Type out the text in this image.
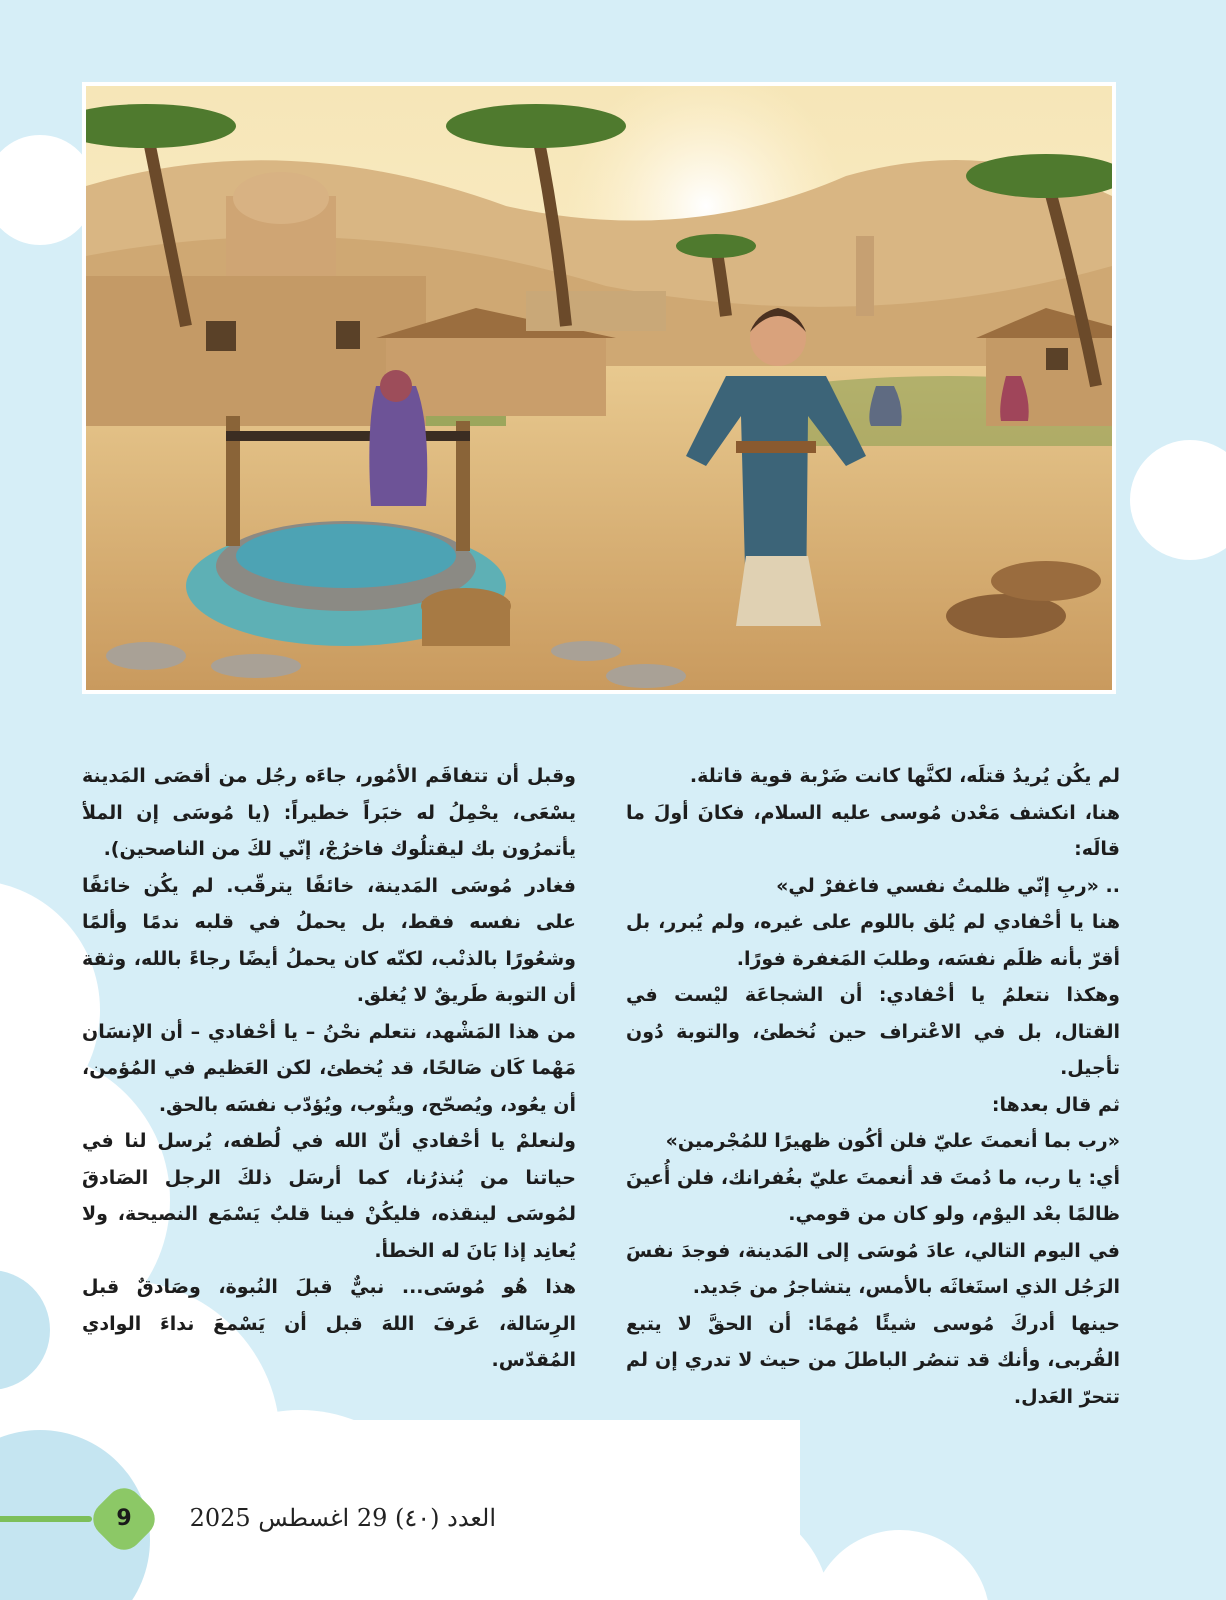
لم يكُن يُريدُ قتلَه، لكنَّها كانت ضَرْبة قوية قاتلة.

هنا، انكشف مَعْدن مُوسى عليه السلام، فكانَ أولَ ما قالَه:

.. «ربِ إنّي ظلمتُ نفسي فاغفرْ لي»

هنا يا أحْفادي لم يُلق باللوم على غيره، ولم يُبرر، بل أقرّ بأنه ظلَم نفسَه، وطلبَ المَغفرة فورًا.

وهكذا نتعلمُ يا أحْفادي: أن الشجاعَة ليْست في القتال، بل في الاعْتراف حين نُخطئ، والتوبة دُون تأجيل.

ثم قال بعدها:

«رب بما أنعمتَ عليّ فلن أكُون ظهيرًا للمُجْرمين»

أي: يا رب، ما دُمتَ قد أنعمتَ عليّ بغُفرانك، فلن أُعينَ ظالمًا بعْد اليوْم، ولو كان من قومي.

في اليوم التالي، عادَ مُوسَى إلى المَدينة، فوجدَ نفسَ الرَجُل الذي استَغاثَه بالأمس، يتشاجرُ من جَديد.

حينها أدركَ مُوسى شيئًا مُهمًا: أن الحقَّ لا يتبع القُربى، وأنك قد تنصُر الباطلَ من حيث لا تدري إن لم تتحرّ العَدل.

وقبل أن تتفاقَم الأمُور، جاءَه رجُل من أقصَى المَدينة يسْعَى، يحْمِلُ له خبَراً خطيراً: (يا مُوسَى إن الملأ يأتمرُون بك ليقتلُوك فاخرُجْ، إنّي لكَ من الناصحين).

فغادر مُوسَى المَدينة، خائفًا يترقّب. لم يكُن خائفًا على نفسه فقط، بل يحملُ في قلبه ندمًا وألمًا وشعُورًا بالذنْب، لكنّه كان يحملُ أيضًا رجاءً بالله، وثقة أن التوبة طَريقٌ لا يُغلق.

من هذا المَشْهد، نتعلم نحْنُ – يا أحْفادي – أن الإنسَان مَهْما كَان صَالحًا، قد يُخطئ، لكن العَظيم في المُؤمن، أن يعُود، ويُصحّح، ويتُوب، ويُؤدّب نفسَه بالحق.

ولنعلمْ يا أحْفادي أنّ الله في لُطفه، يُرسل لنا في حياتنا من يُنذرُنا، كما أرسَل ذلكَ الرجل الصَادقَ لمُوسَى لينقذه، فليكُنْ فينا قلبٌ يَسْمَع النصيحة، ولا يُعانِد إذا بَانَ له الخطأ.

هذا هُو مُوسَى... نبيٌّ قبلَ النُبوة، وصَادقٌ قبل الرِسَالة، عَرفَ اللهَ قبل أن يَسْمعَ نداءَ الوادي المُقدّس.

9	العدد (٤٠) 29 اغسطس 2025
